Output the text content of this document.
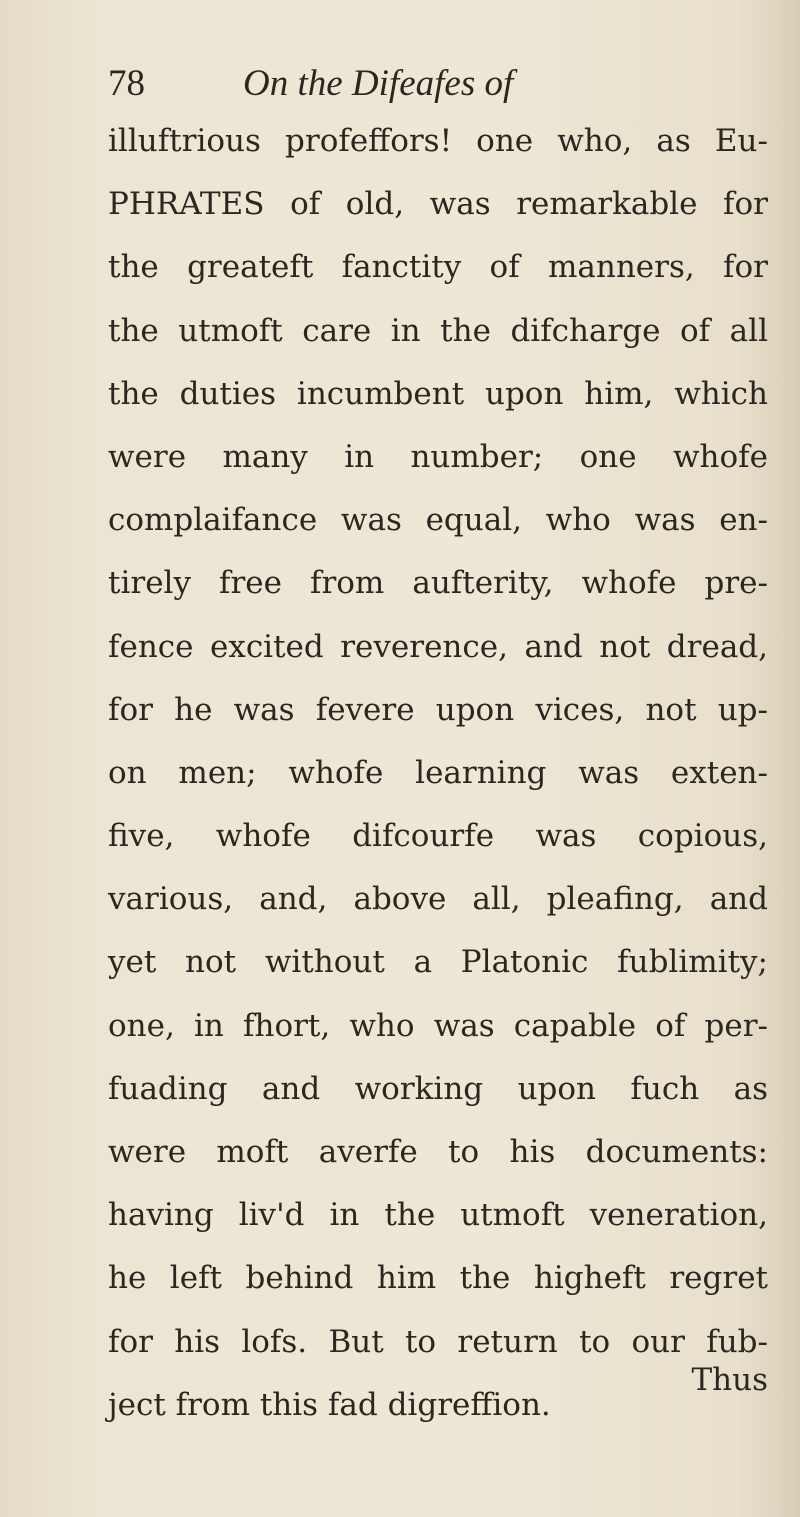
78	On the Difeafes of
illuftrious profeffors! one who, as Eu-
PHRATES of old, was remarkable for
the greateft fanctity of manners, for
the utmoft care in the difcharge of all
the duties incumbent upon him, which
were many in number; one whofe
complaifance was equal, who was en-
tirely free from aufterity, whofe pre-
fence excited reverence, and not dread,
for he was fevere upon vices, not up-
on men; whofe learning was exten-
five, whofe difcourfe was copious,
various, and, above all, pleafing, and
yet not without a Platonic fublimity;
one, in fhort, who was capable of per-
fuading and working upon fuch as
were moft averfe to his documents:
having liv'd in the utmoft veneration,
he left behind him the higheft regret
for his lofs. But to return to our fub-
ject from this fad digreffion.
Thus
